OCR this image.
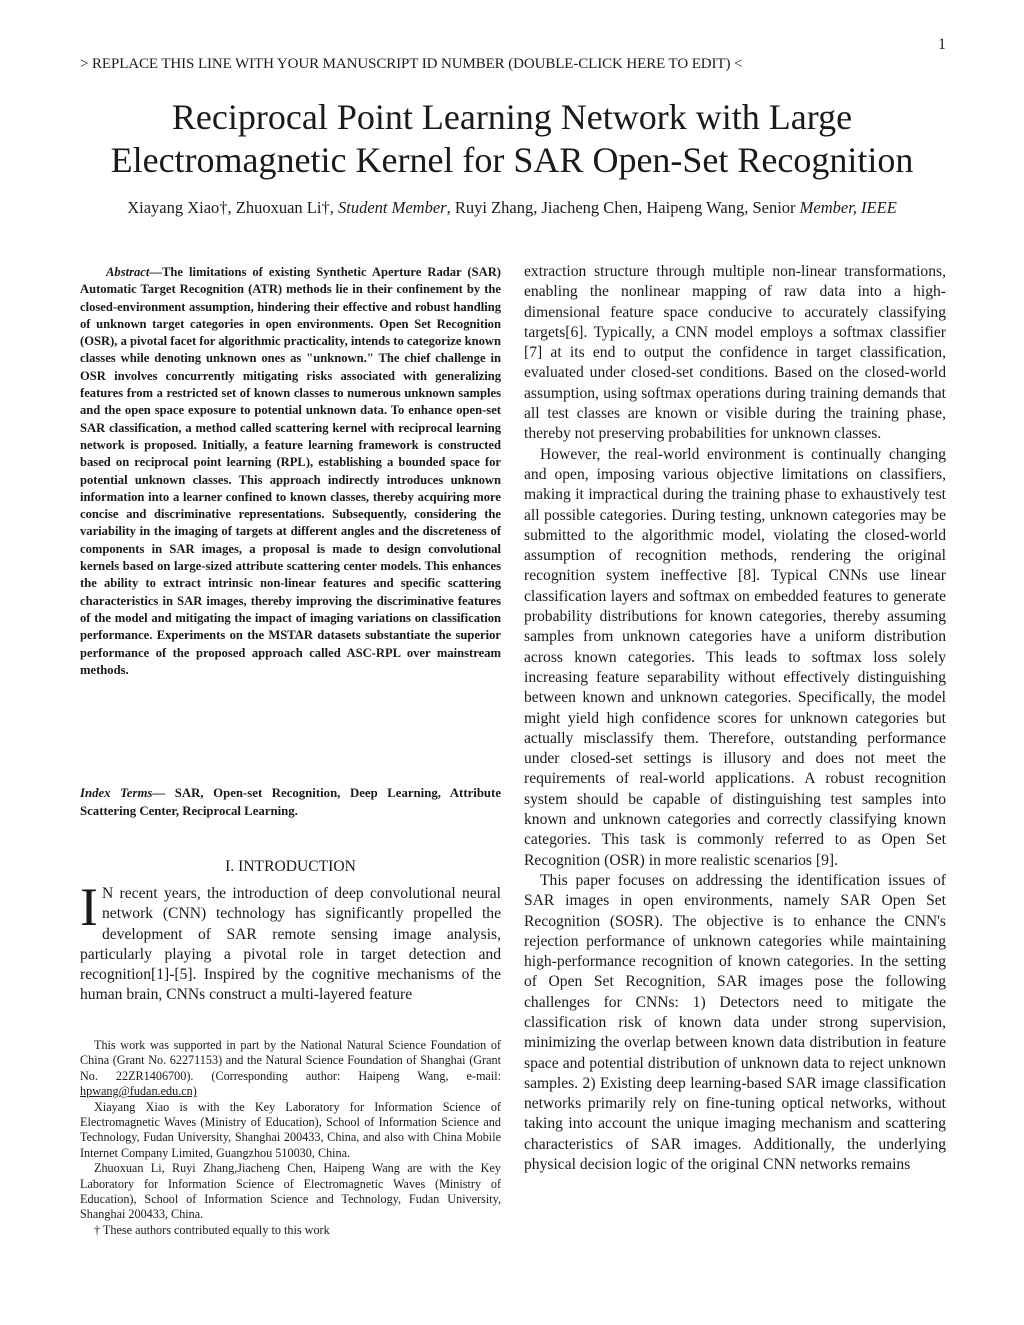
1
> REPLACE THIS LINE WITH YOUR MANUSCRIPT ID NUMBER (DOUBLE-CLICK HERE TO EDIT) <
Reciprocal Point Learning Network with Large
Electromagnetic Kernel for SAR Open-Set Recognition
Xiayang Xiao†, Zhuoxuan Li†, Student Member, Ruyi Zhang, Jiacheng Chen, Haipeng Wang, Senior Member, IEEE
Abstract—The limitations of existing Synthetic Aperture Radar (SAR) Automatic Target Recognition (ATR) methods lie in their confinement by the closed-environment assumption, hindering their effective and robust handling of unknown target categories in open environments. Open Set Recognition (OSR), a pivotal facet for algorithmic practicality, intends to categorize known classes while denoting unknown ones as "unknown." The chief challenge in OSR involves concurrently mitigating risks associated with generalizing features from a restricted set of known classes to numerous unknown samples and the open space exposure to potential unknown data. To enhance open-set SAR classification, a method called scattering kernel with reciprocal learning network is proposed. Initially, a feature learning framework is constructed based on reciprocal point learning (RPL), establishing a bounded space for potential unknown classes. This approach indirectly introduces unknown information into a learner confined to known classes, thereby acquiring more concise and discriminative representations. Subsequently, considering the variability in the imaging of targets at different angles and the discreteness of components in SAR images, a proposal is made to design convolutional kernels based on large-sized attribute scattering center models. This enhances the ability to extract intrinsic non-linear features and specific scattering characteristics in SAR images, thereby improving the discriminative features of the model and mitigating the impact of imaging variations on classification performance. Experiments on the MSTAR datasets substantiate the superior performance of the proposed approach called ASC-RPL over mainstream methods.
Index Terms— SAR, Open-set Recognition, Deep Learning, Attribute Scattering Center, Reciprocal Learning.
I. INTRODUCTION
I N recent years, the introduction of deep convolutional neural network (CNN) technology has significantly propelled the development of SAR remote sensing image analysis, particularly playing a pivotal role in target detection and recognition[1]-[5]. Inspired by the cognitive mechanisms of the human brain, CNNs construct a multi-layered feature

This work was supported in part by the National Natural Science Foundation of China (Grant No. 62271153) and the Natural Science Foundation of Shanghai (Grant No. 22ZR1406700). (Corresponding author: Haipeng Wang, e-mail: hpwang@fudan.edu.cn)

Xiayang Xiao is with the Key Laboratory for Information Science of Electromagnetic Waves (Ministry of Education), School of Information Science and Technology, Fudan University, Shanghai 200433, China, and also with China Mobile Internet Company Limited, Guangzhou 510030, China.

Zhuoxuan Li, Ruyi Zhang,Jiacheng Chen, Haipeng Wang are with the Key Laboratory for Information Science of Electromagnetic Waves (Ministry of Education), School of Information Science and Technology, Fudan University, Shanghai 200433, China.

† These authors contributed equally to this work

extraction structure through multiple non-linear transformations, enabling the nonlinear mapping of raw data into a high-dimensional feature space conducive to accurately classifying targets[6]. Typically, a CNN model employs a softmax classifier [7] at its end to output the confidence in target classification, evaluated under closed-set conditions. Based on the closed-world assumption, using softmax operations during training demands that all test classes are known or visible during the training phase, thereby not preserving probabilities for unknown classes.

However, the real-world environment is continually changing and open, imposing various objective limitations on classifiers, making it impractical during the training phase to exhaustively test all possible categories. During testing, unknown categories may be submitted to the algorithmic model, violating the closed-world assumption of recognition methods, rendering the original recognition system ineffective [8]. Typical CNNs use linear classification layers and softmax on embedded features to generate probability distributions for known categories, thereby assuming samples from unknown categories have a uniform distribution across known categories. This leads to softmax loss solely increasing feature separability without effectively distinguishing between known and unknown categories. Specifically, the model might yield high confidence scores for unknown categories but actually misclassify them. Therefore, outstanding performance under closed-set settings is illusory and does not meet the requirements of real-world applications. A robust recognition system should be capable of distinguishing test samples into known and unknown categories and correctly classifying known categories. This task is commonly referred to as Open Set Recognition (OSR) in more realistic scenarios [9].

This paper focuses on addressing the identification issues of SAR images in open environments, namely SAR Open Set Recognition (SOSR). The objective is to enhance the CNN's rejection performance of unknown categories while maintaining high-performance recognition of known categories. In the setting of Open Set Recognition, SAR images pose the following challenges for CNNs: 1) Detectors need to mitigate the classification risk of known data under strong supervision, minimizing the overlap between known data distribution in feature space and potential distribution of unknown data to reject unknown samples. 2) Existing deep learning-based SAR image classification networks primarily rely on fine-tuning optical networks, without taking into account the unique imaging mechanism and scattering characteristics of SAR images. Additionally, the underlying physical decision logic of the original CNN networks remains
